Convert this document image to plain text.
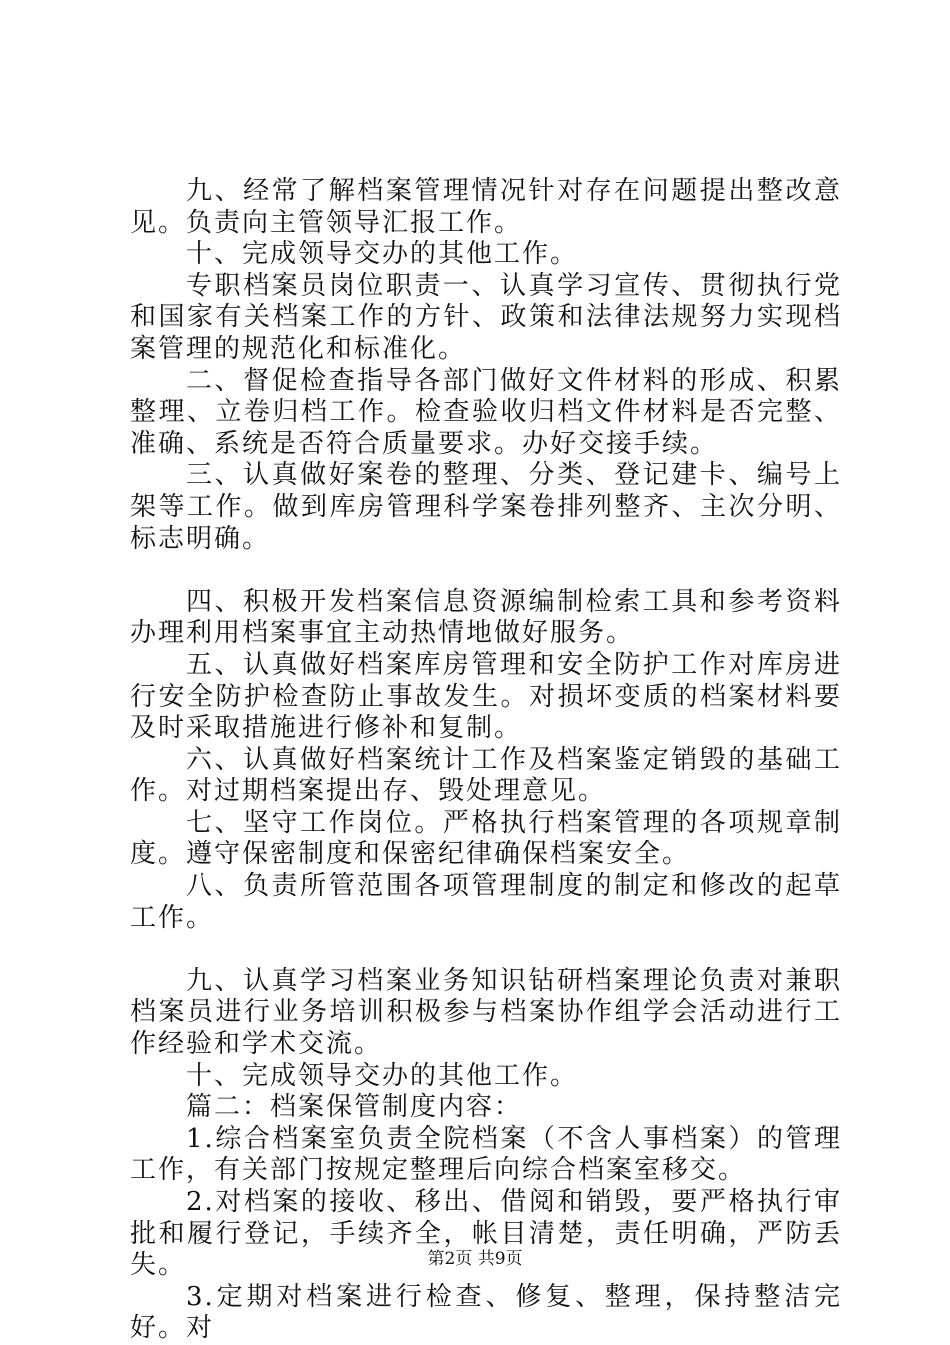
九、经常了解档案管理情况针对存在问题提出整改意见。负责向主管领导汇报工作。

十、完成领导交办的其他工作。

专职档案员岗位职责一、认真学习宣传、贯彻执行党和国家有关档案工作的方针、政策和法律法规努力实现档案管理的规范化和标准化。

二、督促检查指导各部门做好文件材料的形成、积累整理、立卷归档工作。检查验收归档文件材料是否完整、准确、系统是否符合质量要求。办好交接手续。

三、认真做好案卷的整理、分类、登记建卡、编号上架等工作。做到库房管理科学案卷排列整齐、主次分明、标志明确。

四、积极开发档案信息资源编制检索工具和参考资料办理利用档案事宜主动热情地做好服务。

五、认真做好档案库房管理和安全防护工作对库房进行安全防护检查防止事故发生。对损坏变质的档案材料要及时采取措施进行修补和复制。

六、认真做好档案统计工作及档案鉴定销毁的基础工作。对过期档案提出存、毁处理意见。

七、坚守工作岗位。严格执行档案管理的各项规章制度。遵守保密制度和保密纪律确保档案安全。

八、负责所管范围各项管理制度的制定和修改的起草工作。

九、认真学习档案业务知识钻研档案理论负责对兼职档案员进行业务培训积极参与档案协作组学会活动进行工作经验和学术交流。

十、完成领导交办的其他工作。

篇二：档案保管制度内容：

1.综合档案室负责全院档案（不含人事档案）的管理工作，有关部门按规定整理后向综合档案室移交。

2.对档案的接收、移出、借阅和销毁，要严格执行审批和履行登记，手续齐全，帐目清楚，责任明确，严防丢失。

3.定期对档案进行检查、修复、整理，保持整洁完好。对

第2页 共9页
